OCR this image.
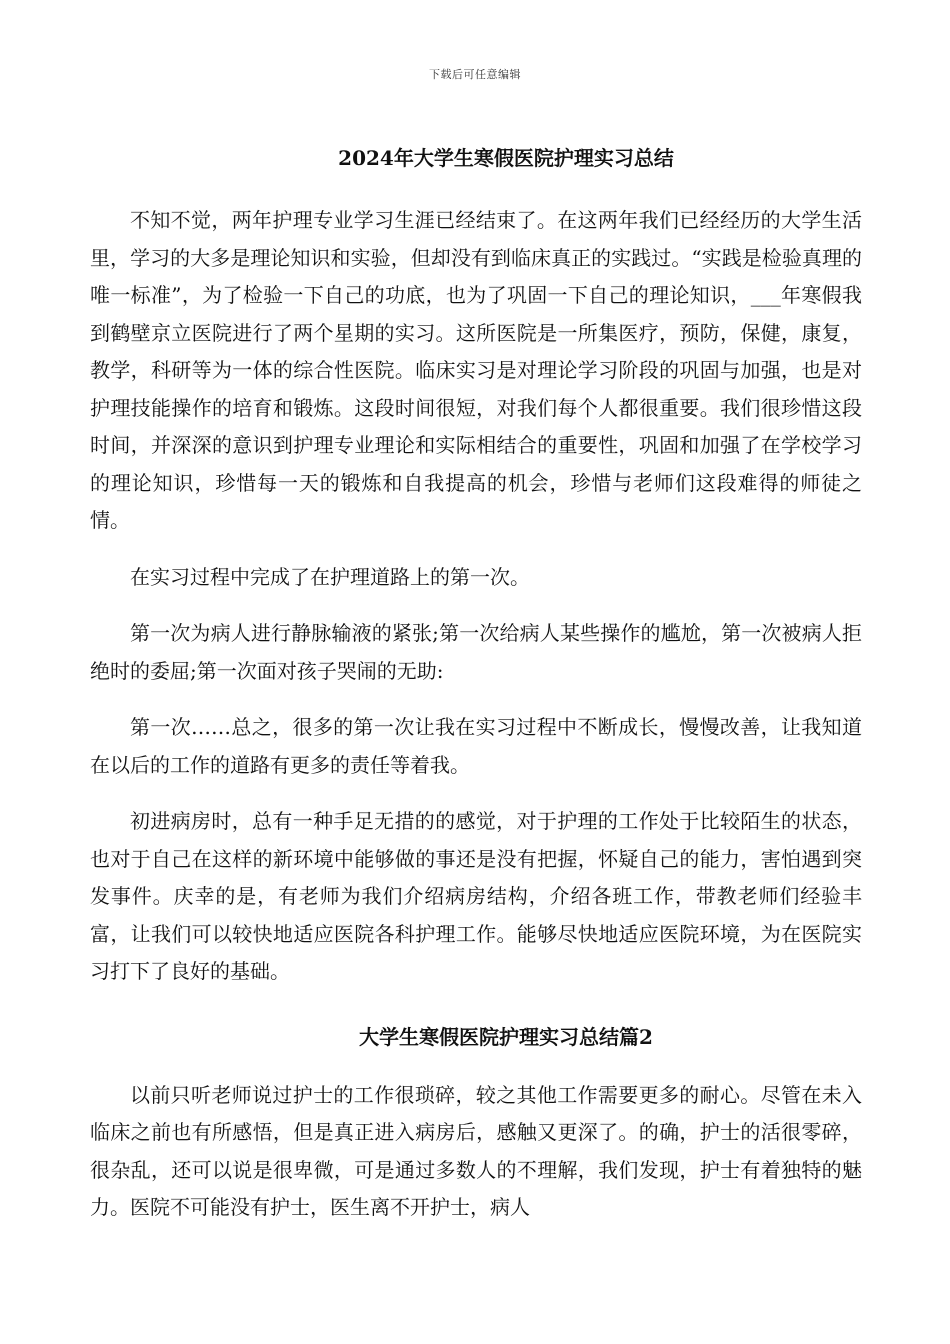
下载后可任意编辑
2024年大学生寒假医院护理实习总结

不知不觉，两年护理专业学习生涯已经结束了。在这两年我们已经经历的大学生活里，学习的大多是理论知识和实验，但却没有到临床真正的实践过。“实践是检验真理的唯一标准”，为了检验一下自己的功底，也为了巩固一下自己的理论知识，___年寒假我到鹤壁京立医院进行了两个星期的实习。这所医院是一所集医疗，预防，保健，康复，教学，科研等为一体的综合性医院。临床实习是对理论学习阶段的巩固与加强，也是对护理技能操作的培育和锻炼。这段时间很短，对我们每个人都很重要。我们很珍惜这段时间，并深深的意识到护理专业理论和实际相结合的重要性，巩固和加强了在学校学习的理论知识，珍惜每一天的锻炼和自我提高的机会，珍惜与老师们这段难得的师徒之情。

在实习过程中完成了在护理道路上的第一次。

第一次为病人进行静脉输液的紧张;第一次给病人某些操作的尴尬，第一次被病人拒绝时的委屈;第一次面对孩子哭闹的无助:

第一次……总之，很多的第一次让我在实习过程中不断成长，慢慢改善，让我知道在以后的工作的道路有更多的责任等着我。

初进病房时，总有一种手足无措的的感觉，对于护理的工作处于比较陌生的状态，也对于自己在这样的新环境中能够做的事还是没有把握，怀疑自己的能力，害怕遇到突发事件。庆幸的是，有老师为我们介绍病房结构，介绍各班工作，带教老师们经验丰富，让我们可以较快地适应医院各科护理工作。能够尽快地适应医院环境，为在医院实习打下了良好的基础。

大学生寒假医院护理实习总结篇2

以前只听老师说过护士的工作很琐碎，较之其他工作需要更多的耐心。尽管在未入临床之前也有所感悟，但是真正进入病房后，感触又更深了。的确，护士的活很零碎，很杂乱，还可以说是很卑微，可是通过多数人的不理解，我们发现，护士有着独特的魅力。医院不可能没有护士，医生离不开护士，病人
